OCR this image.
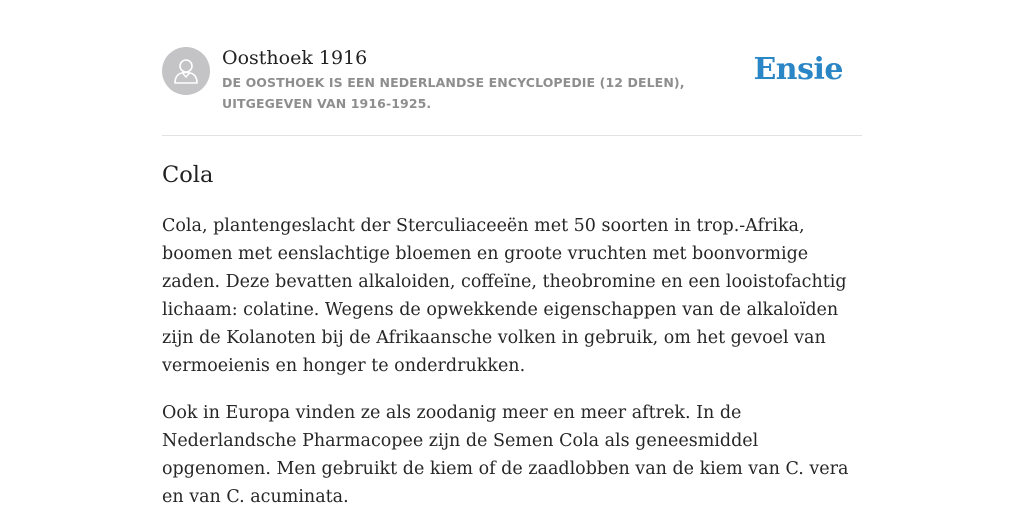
Oosthoek 1916
DE OOSTHOEK IS EEN NEDERLANDSE ENCYCLOPEDIE (12 DELEN), UITGEGEVEN VAN 1916-1925.
Ensie
Cola

Cola, plantengeslacht der Sterculiaceeën met 50 soorten in trop.-Afrika, boomen met eenslachtige bloemen en groote vruchten met boonvormige zaden. Deze bevatten alkaloiden, coffeïne, theobromine en een looistofachtig lichaam: colatine. Wegens de opwekkende eigenschappen van de alkaloïden zijn de Kolanoten bij de Afrikaansche volken in gebruik, om het gevoel van vermoeienis en honger te onderdrukken.

Ook in Europa vinden ze als zoodanig meer en meer aftrek. In de Nederlandsche Pharmacopee zijn de Semen Cola als geneesmiddel opgenomen. Men gebruikt de kiem of de zaadlobben van de kiem van C. vera en van C. acuminata.
